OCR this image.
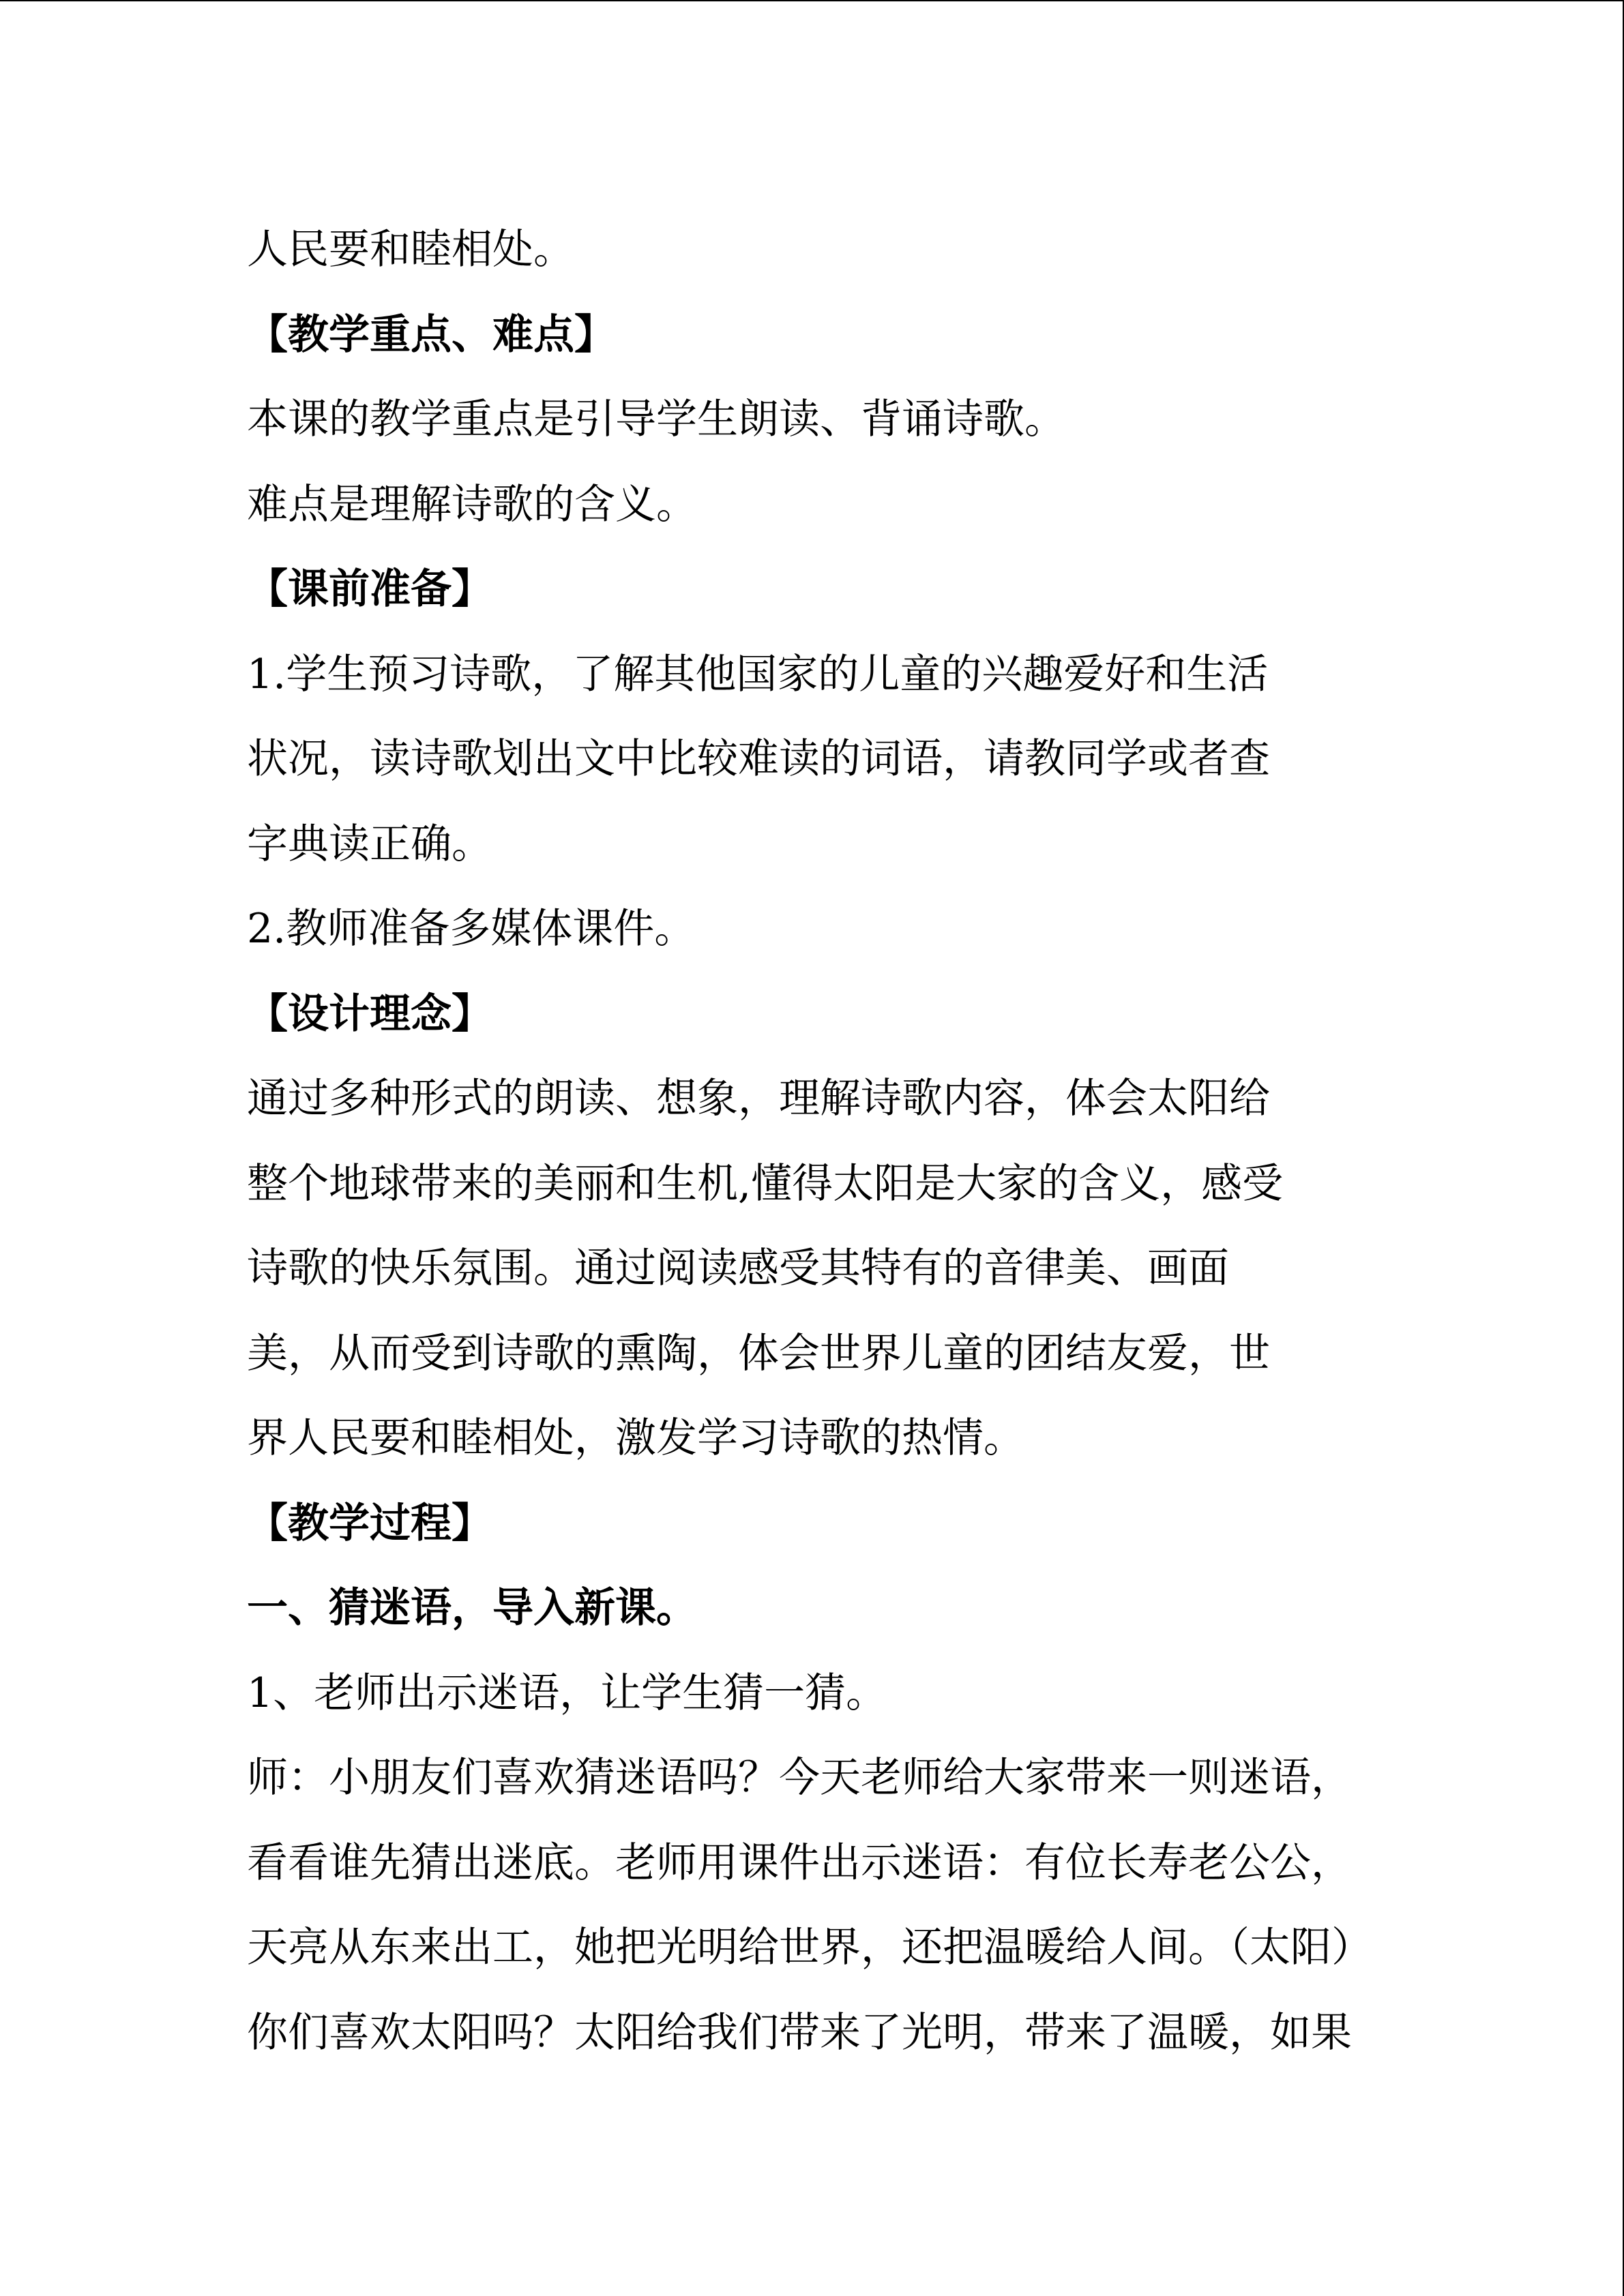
人民要和睦相处。
【教学重点、难点】
本课的教学重点是引导学生朗读、背诵诗歌。
难点是理解诗歌的含义。
【课前准备】
1.学生预习诗歌，了解其他国家的儿童的兴趣爱好和生活
状况，读诗歌划出文中比较难读的词语，请教同学或者查
字典读正确。
2.教师准备多媒体课件。
【设计理念】
通过多种形式的朗读、想象，理解诗歌内容，体会太阳给
整个地球带来的美丽和生机,懂得太阳是大家的含义，感受
诗歌的快乐氛围。通过阅读感受其特有的音律美、画面
美，从而受到诗歌的熏陶，体会世界儿童的团结友爱，世
界人民要和睦相处，激发学习诗歌的热情。
【教学过程】
一、猜迷语，导入新课。
1、老师出示迷语，让学生猜一猜。
师：小朋友们喜欢猜迷语吗？今天老师给大家带来一则迷语，
看看谁先猜出迷底。老师用课件出示迷语：有位长寿老公公，
天亮从东来出工，她把光明给世界，还把温暖给人间。（太阳）
你们喜欢太阳吗？太阳给我们带来了光明，带来了温暖，如果
